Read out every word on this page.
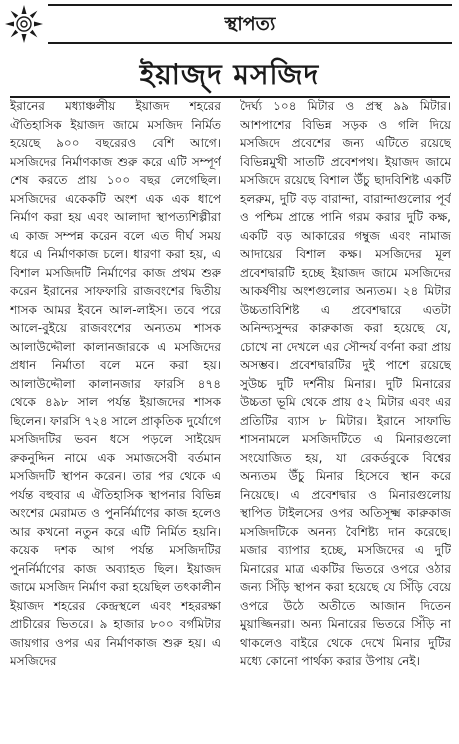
স্থাপত্য
ইয়াজ্দ মসজিদ

ইরানের মধ্যাঞ্চলীয় ইয়াজদ শহরের ঐতিহাসিক ইয়াজদ জামে মসজিদ নির্মিত হয়েছে ৯০০ বছরেরও বেশি আগে। মসজিদের নির্মাণকাজ শুরু করে এটি সম্পূর্ণ শেষ করতে প্রায় ১০০ বছর লেগেছিল। মসজিদের একেকটি অংশ এক এক ধাপে নির্মাণ করা হয় এবং আলাদা স্থাপত্যশিল্পীরা এ কাজ সম্পন্ন করেন বলে এত দীর্ঘ সময় ধরে এ নির্মাণকাজ চলে। ধারণা করা হয়, এ বিশাল মসজিদটি নির্মাণের কাজ প্রথম শুরু করেন ইরানের সাফফারি রাজবংশের দ্বিতীয় শাসক আমর ইবনে আল-লাইস। তবে পরে আলে-বুইয়ে রাজবংশের অন্যতম শাসক আলাউদ্দৌলা কালানজারকে এ মসজিদের প্রধান নির্মাতা বলে মনে করা হয়। আলাউদ্দৌলা কালানজার ফারসি ৪৭৪ থেকে ৪৯৮ সাল পর্যন্ত ইয়াজদের শাসক ছিলেন। ফারসি ৭২৪ সালে প্রাকৃতিক দুর্যোগে মসজিদটির ভবন ধসে পড়লে সাইয়েদ রুকনুদ্দিন নামে এক সমাজসেবী বর্তমান মসজিদটি স্থাপন করেন। তার পর থেকে এ পর্যন্ত বহুবার এ ঐতিহাসিক স্থাপনার বিভিন্ন অংশের মেরামত ও পুনর্নির্মাণের কাজ হলেও আর কখনো নতুন করে এটি নির্মিত হয়নি। কয়েক দশক আগ পর্যন্ত মসজিদটির পুনর্নির্মাণের কাজ অব্যাহত ছিল। ইয়াজদ জামে মসজিদ নির্মাণ করা হয়েছিল তৎকালীন ইয়াজদ শহরের কেন্দ্রস্থলে এবং শহররক্ষা প্রাচীরের ভিতরে। ৯ হাজার ৮০০ বর্গমিটার জায়গার ওপর এর নির্মাণকাজ শুরু হয়। এ মসজিদের

দৈর্ঘ্য ১০৪ মিটার ও প্রস্থ ৯৯ মিটার। আশপাশের বিভিন্ন সড়ক ও গলি দিয়ে মসজিদে প্রবেশের জন্য এটিতে রয়েছে বিভিন্নমুখী সাতটি প্রবেশপথ। ইয়াজদ জামে মসজিদে রয়েছে বিশাল উঁচু ছাদবিশিষ্ট একটি হলরুম, দুটি বড় বারান্দা, বারান্দাগুলোর পূর্ব ও পশ্চিম প্রান্তে পানি গরম করার দুটি কক্ষ, একটি বড় আকারের গম্বুজ এবং নামাজ আদায়ের বিশাল কক্ষ। মসজিদের মূল প্রবেশদ্বারটি হচ্ছে ইয়াজদ জামে মসজিদের আকর্ষণীয় অংশগুলোর অন্যতম। ২৪ মিটার উচ্চতাবিশিষ্ট এ প্রবেশদ্বারে এতটা অনিন্দ্যসুন্দর কারুকাজ করা হয়েছে যে, চোখে না দেখলে এর সৌন্দর্য বর্ণনা করা প্রায় অসম্ভব। প্রবেশদ্বারটির দুই পাশে রয়েছে সুউচ্চ দুটি দর্শনীয় মিনার। দুটি মিনারের উচ্চতা ভূমি থেকে প্রায় ৫২ মিটার এবং এর প্রতিটির ব্যাস ৮ মিটার। ইরানে সাফাভি শাসনামলে মসজিদটিতে এ মিনারগুলো সংযোজিত হয়, যা রেকর্ডবুকে বিশ্বের অন্যতম উঁচু মিনার হিসেবে স্থান করে নিয়েছে। এ প্রবেশদ্বার ও মিনারগুলোয় স্থাপিত টাইলসের ওপর অতিসূক্ষ্ম কারুকাজ মসজিদটিকে অনন্য বৈশিষ্ট্য দান করেছে। মজার ব্যাপার হচ্ছে, মসজিদের এ দুটি মিনারের মাত্র একটির ভিতরে ওপরে ওঠার জন্য সিঁড়ি স্থাপন করা হয়েছে যে সিঁড়ি বেয়ে ওপরে উঠে অতীতে আজান দিতেন মুয়াজ্জিনরা। অন্য মিনারের ভিতরে সিঁড়ি না থাকলেও বাইরে থেকে দেখে মিনার দুটির মধ্যে কোনো পার্থক্য করার উপায় নেই।
